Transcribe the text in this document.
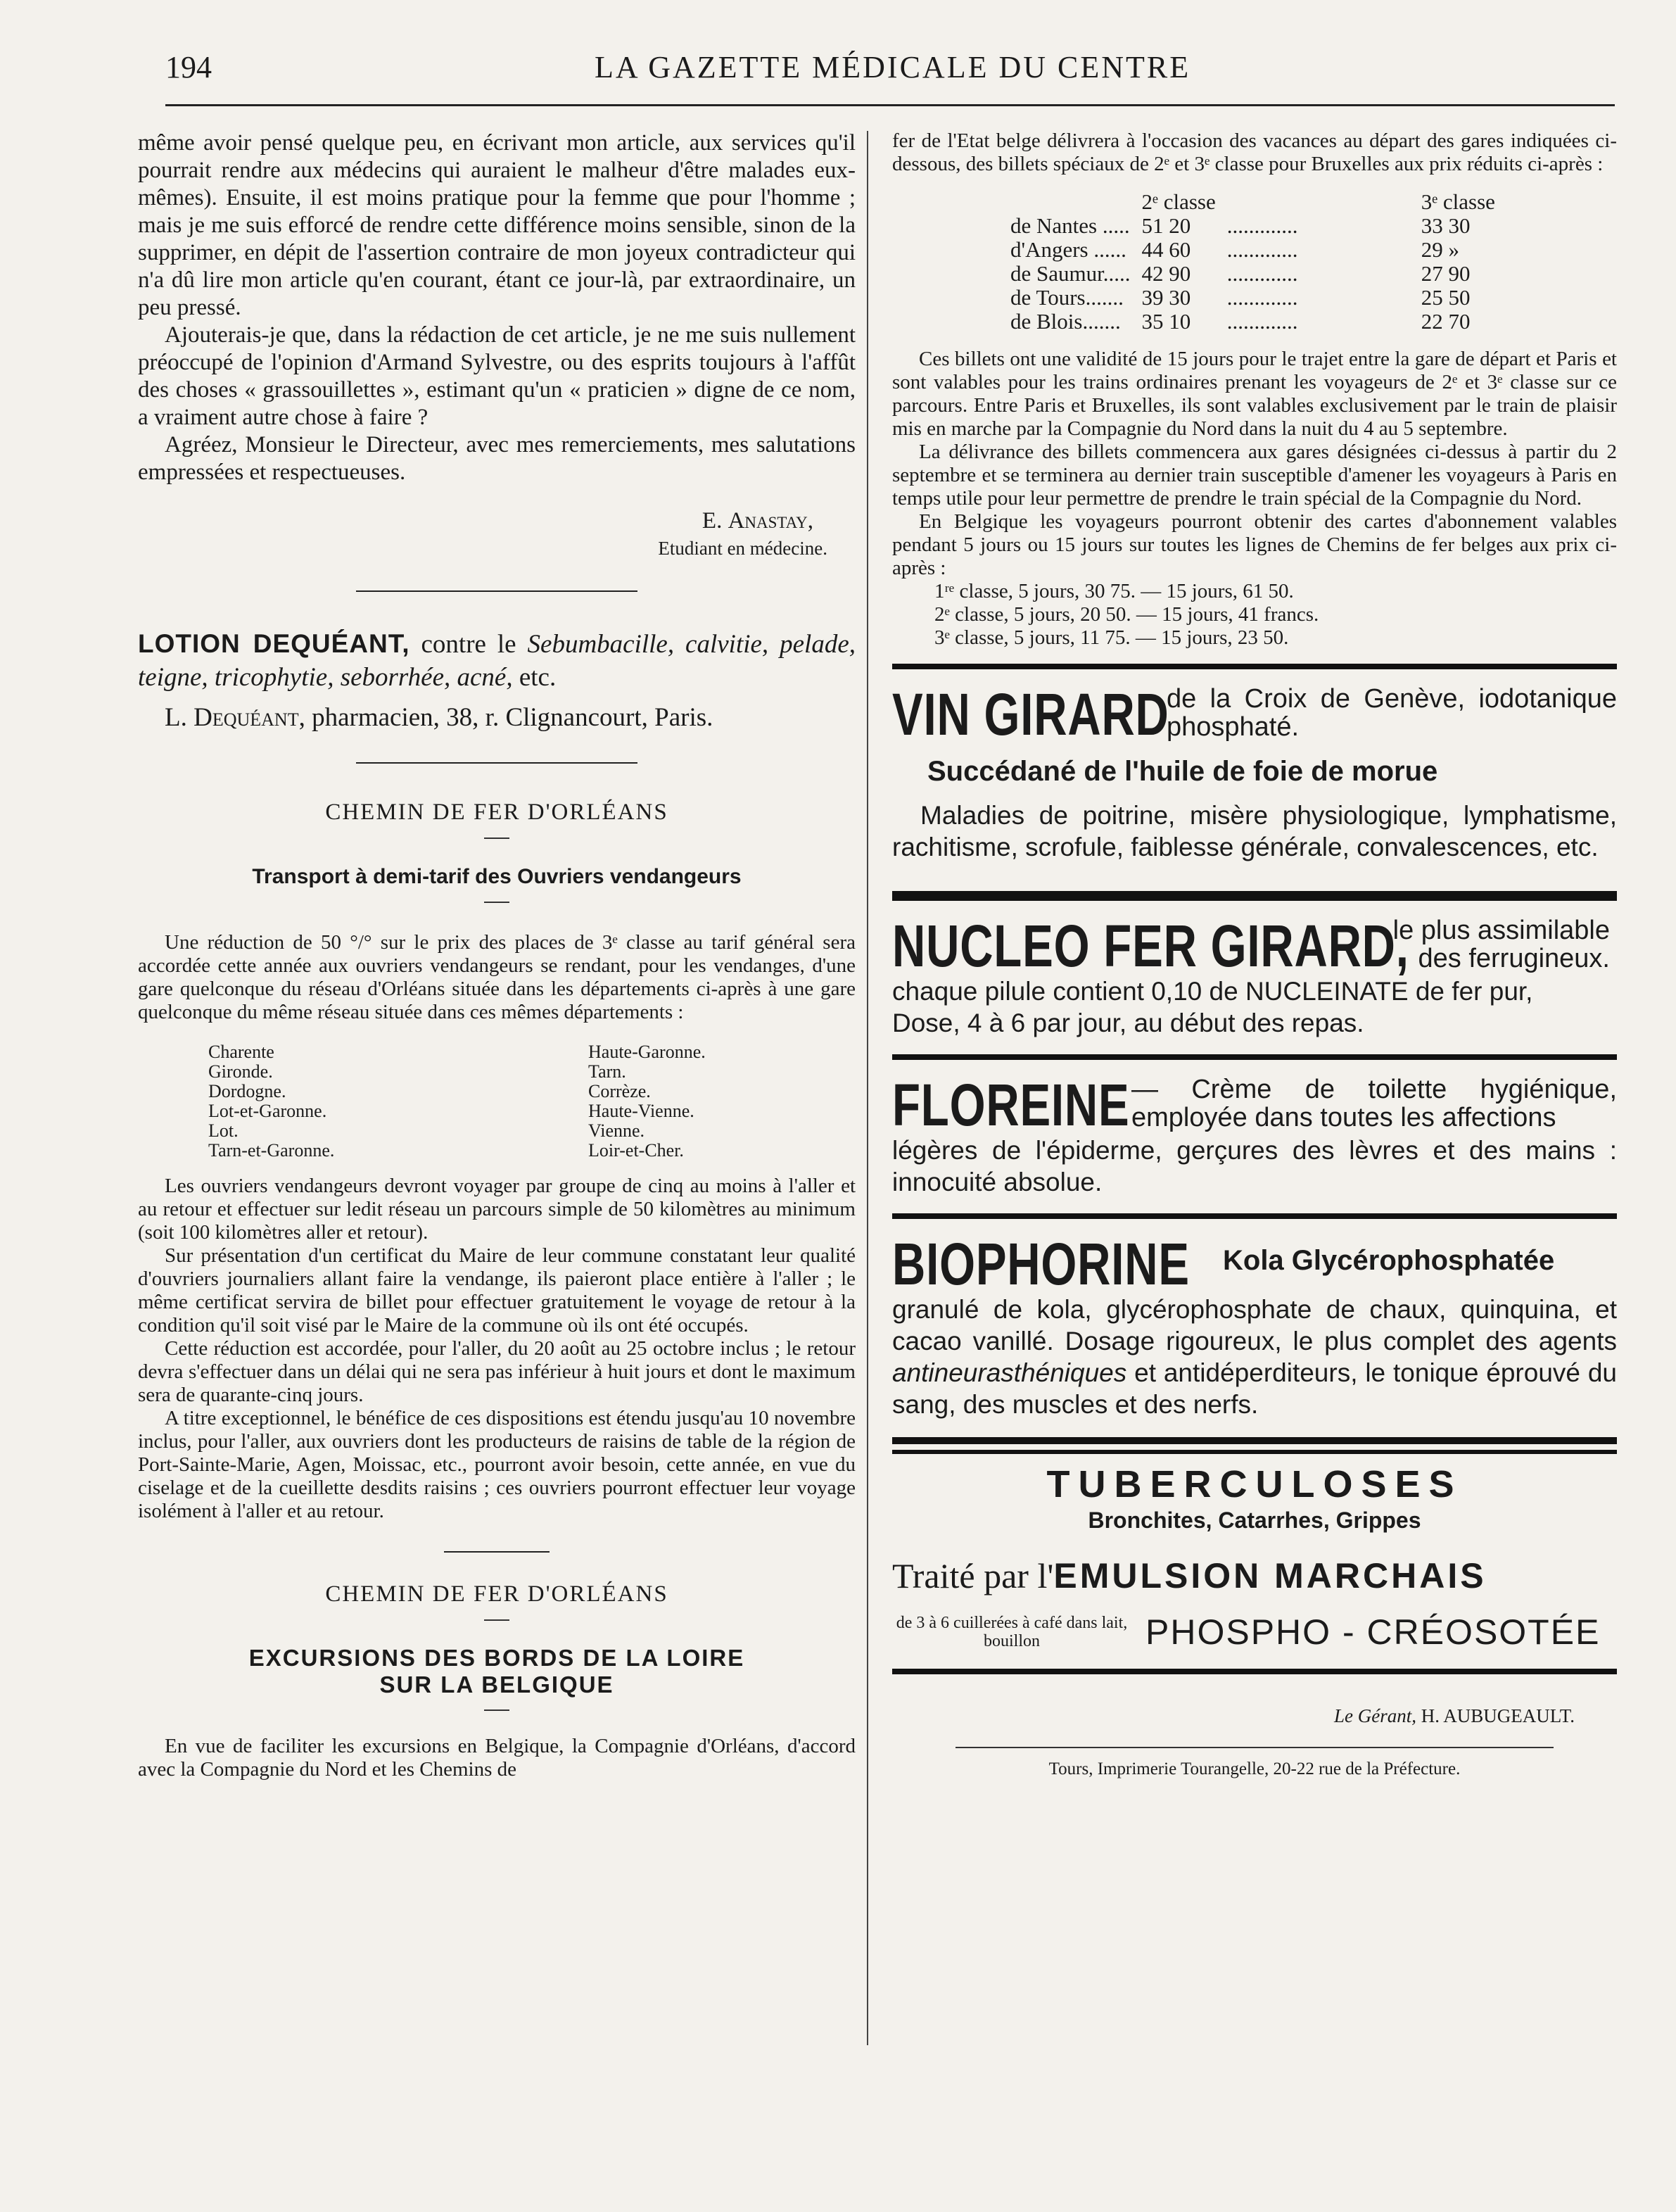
194	LA GAZETTE MÉDICALE DU CENTRE

même avoir pensé quelque peu, en écrivant mon article, aux services qu'il pourrait rendre aux médecins qui auraient le malheur d'être malades eux-mêmes). Ensuite, il est moins pratique pour la femme que pour l'homme ; mais je me suis efforcé de rendre cette différence moins sensible, sinon de la supprimer, en dépit de l'assertion contraire de mon joyeux contradicteur qui n'a dû lire mon article qu'en courant, étant ce jour-là, par extraordinaire, un peu pressé.

Ajouterais-je que, dans la rédaction de cet article, je ne me suis nullement préoccupé de l'opinion d'Armand Sylvestre, ou des esprits toujours à l'affût des choses « grassouillettes », estimant qu'un « praticien » digne de ce nom, a vraiment autre chose à faire ?

Agréez, Monsieur le Directeur, avec mes remerciements, mes salutations empressées et respectueuses.

E. Anastay,
Etudiant en médecine.
LOTION DEQUÉANT, contre le Sebumbacille, calvitie, pelade, teigne, tricophytie, seborrhée, acné, etc.
L. Dequéant, pharmacien, 38, r. Clignancourt, Paris.
CHEMIN DE FER D'ORLÉANS
Transport à demi-tarif des Ouvriers vendangeurs

Une réduction de 50 °/° sur le prix des places de 3ᵉ classe au tarif général sera accordée cette année aux ouvriers vendangeurs se rendant, pour les vendanges, d'une gare quelconque du réseau d'Orléans située dans les départements ci-après à une gare quelconque du même réseau située dans ces mêmes départements :

Charente	Haute-Garonne.
Gironde.	Tarn.
Dordogne.	Corrèze.
Lot-et-Garonne.	Haute-Vienne.
Lot.	Vienne.
Tarn-et-Garonne.	Loir-et-Cher.

Les ouvriers vendangeurs devront voyager par groupe de cinq au moins à l'aller et au retour et effectuer sur ledit réseau un parcours simple de 50 kilomètres au minimum (soit 100 kilomètres aller et retour).

Sur présentation d'un certificat du Maire de leur commune constatant leur qualité d'ouvriers journaliers allant faire la vendange, ils paieront place entière à l'aller ; le même certificat servira de billet pour effectuer gratuitement le voyage de retour à la condition qu'il soit visé par le Maire de la commune où ils ont été occupés.

Cette réduction est accordée, pour l'aller, du 20 août au 25 octobre inclus ; le retour devra s'effectuer dans un délai qui ne sera pas inférieur à huit jours et dont le maximum sera de quarante-cinq jours.

A titre exceptionnel, le bénéfice de ces dispositions est étendu jusqu'au 10 novembre inclus, pour l'aller, aux ouvriers dont les producteurs de raisins de table de la région de Port-Sainte-Marie, Agen, Moissac, etc., pourront avoir besoin, cette année, en vue du ciselage et de la cueillette desdits raisins ; ces ouvriers pourront effectuer leur voyage isolément à l'aller et au retour.

CHEMIN DE FER D'ORLÉANS
EXCURSIONS DES BORDS DE LA LOIRE
SUR LA BELGIQUE

En vue de faciliter les excursions en Belgique, la Compagnie d'Orléans, d'accord avec la Compagnie du Nord et les Chemins de

fer de l'Etat belge délivrera à l'occasion des vacances au départ des gares indiquées ci-dessous, des billets spéciaux de 2ᵉ et 3ᵉ classe pour Bruxelles aux prix réduits ci-après :

	2ᵉ classe		3ᵉ classe
de Nantes .....	51 20	.............	33 30
d'Angers ......	44 60	.............	29 »
de Saumur.....	42 90	.............	27 90
de Tours.......	39 30	.............	25 50
de Blois.......	35 10	.............	22 70

Ces billets ont une validité de 15 jours pour le trajet entre la gare de départ et Paris et sont valables pour les trains ordinaires prenant les voyageurs de 2ᵉ et 3ᵉ classe sur ce parcours. Entre Paris et Bruxelles, ils sont valables exclusivement par le train de plaisir mis en marche par la Compagnie du Nord dans la nuit du 4 au 5 septembre.

La délivrance des billets commencera aux gares désignées ci-dessus à partir du 2 septembre et se terminera au dernier train susceptible d'amener les voyageurs à Paris en temps utile pour leur permettre de prendre le train spécial de la Compagnie du Nord.

En Belgique les voyageurs pourront obtenir des cartes d'abonnement valables pendant 5 jours ou 15 jours sur toutes les lignes de Chemins de fer belges aux prix ci-après :

1ʳᵉ classe, 5 jours, 30 75. — 15 jours, 61 50.
2ᵉ classe, 5 jours, 20 50. — 15 jours, 41 francs.
3ᵉ classe, 5 jours, 11 75. — 15 jours, 23 50.
VIN GIRARD
de la Croix de Genève, iodotanique phosphaté.
Succédané de l'huile de foie de morue
Maladies de poitrine, misère physiologique, lymphatisme, rachitisme, scrofule, faiblesse générale, convalescences, etc.
NUCLEO FER GIRARD,
le plus assimilable des ferrugineux.
chaque pilule contient 0,10 de NUCLEINATE de fer pur,
Dose, 4 à 6 par jour, au début des repas.
FLOREINE — Crème de toilette hygiénique, employée dans toutes les affections
légères de l'épiderme, gerçures des lèvres et des mains : innocuité absolue.
BIOPHORINE Kola Glycérophosphatée
granulé de kola, glycérophosphate de chaux, quinquina, et cacao vanillé. Dosage rigoureux, le plus complet des agents antineurasthéniques et antidéperditeurs, le tonique éprouvé du sang, des muscles et des nerfs.
TUBERCULOSES
Bronchites, Catarrhes, Grippes
Traité par l'EMULSION MARCHAIS
de 3 à 6 cuillerées à café dans lait, bouillon	PHOSPHO - CRÉOSOTÉE
Le Gérant, H. AUBUGEAULT.
Tours, Imprimerie Tourangelle, 20-22 rue de la Préfecture.
